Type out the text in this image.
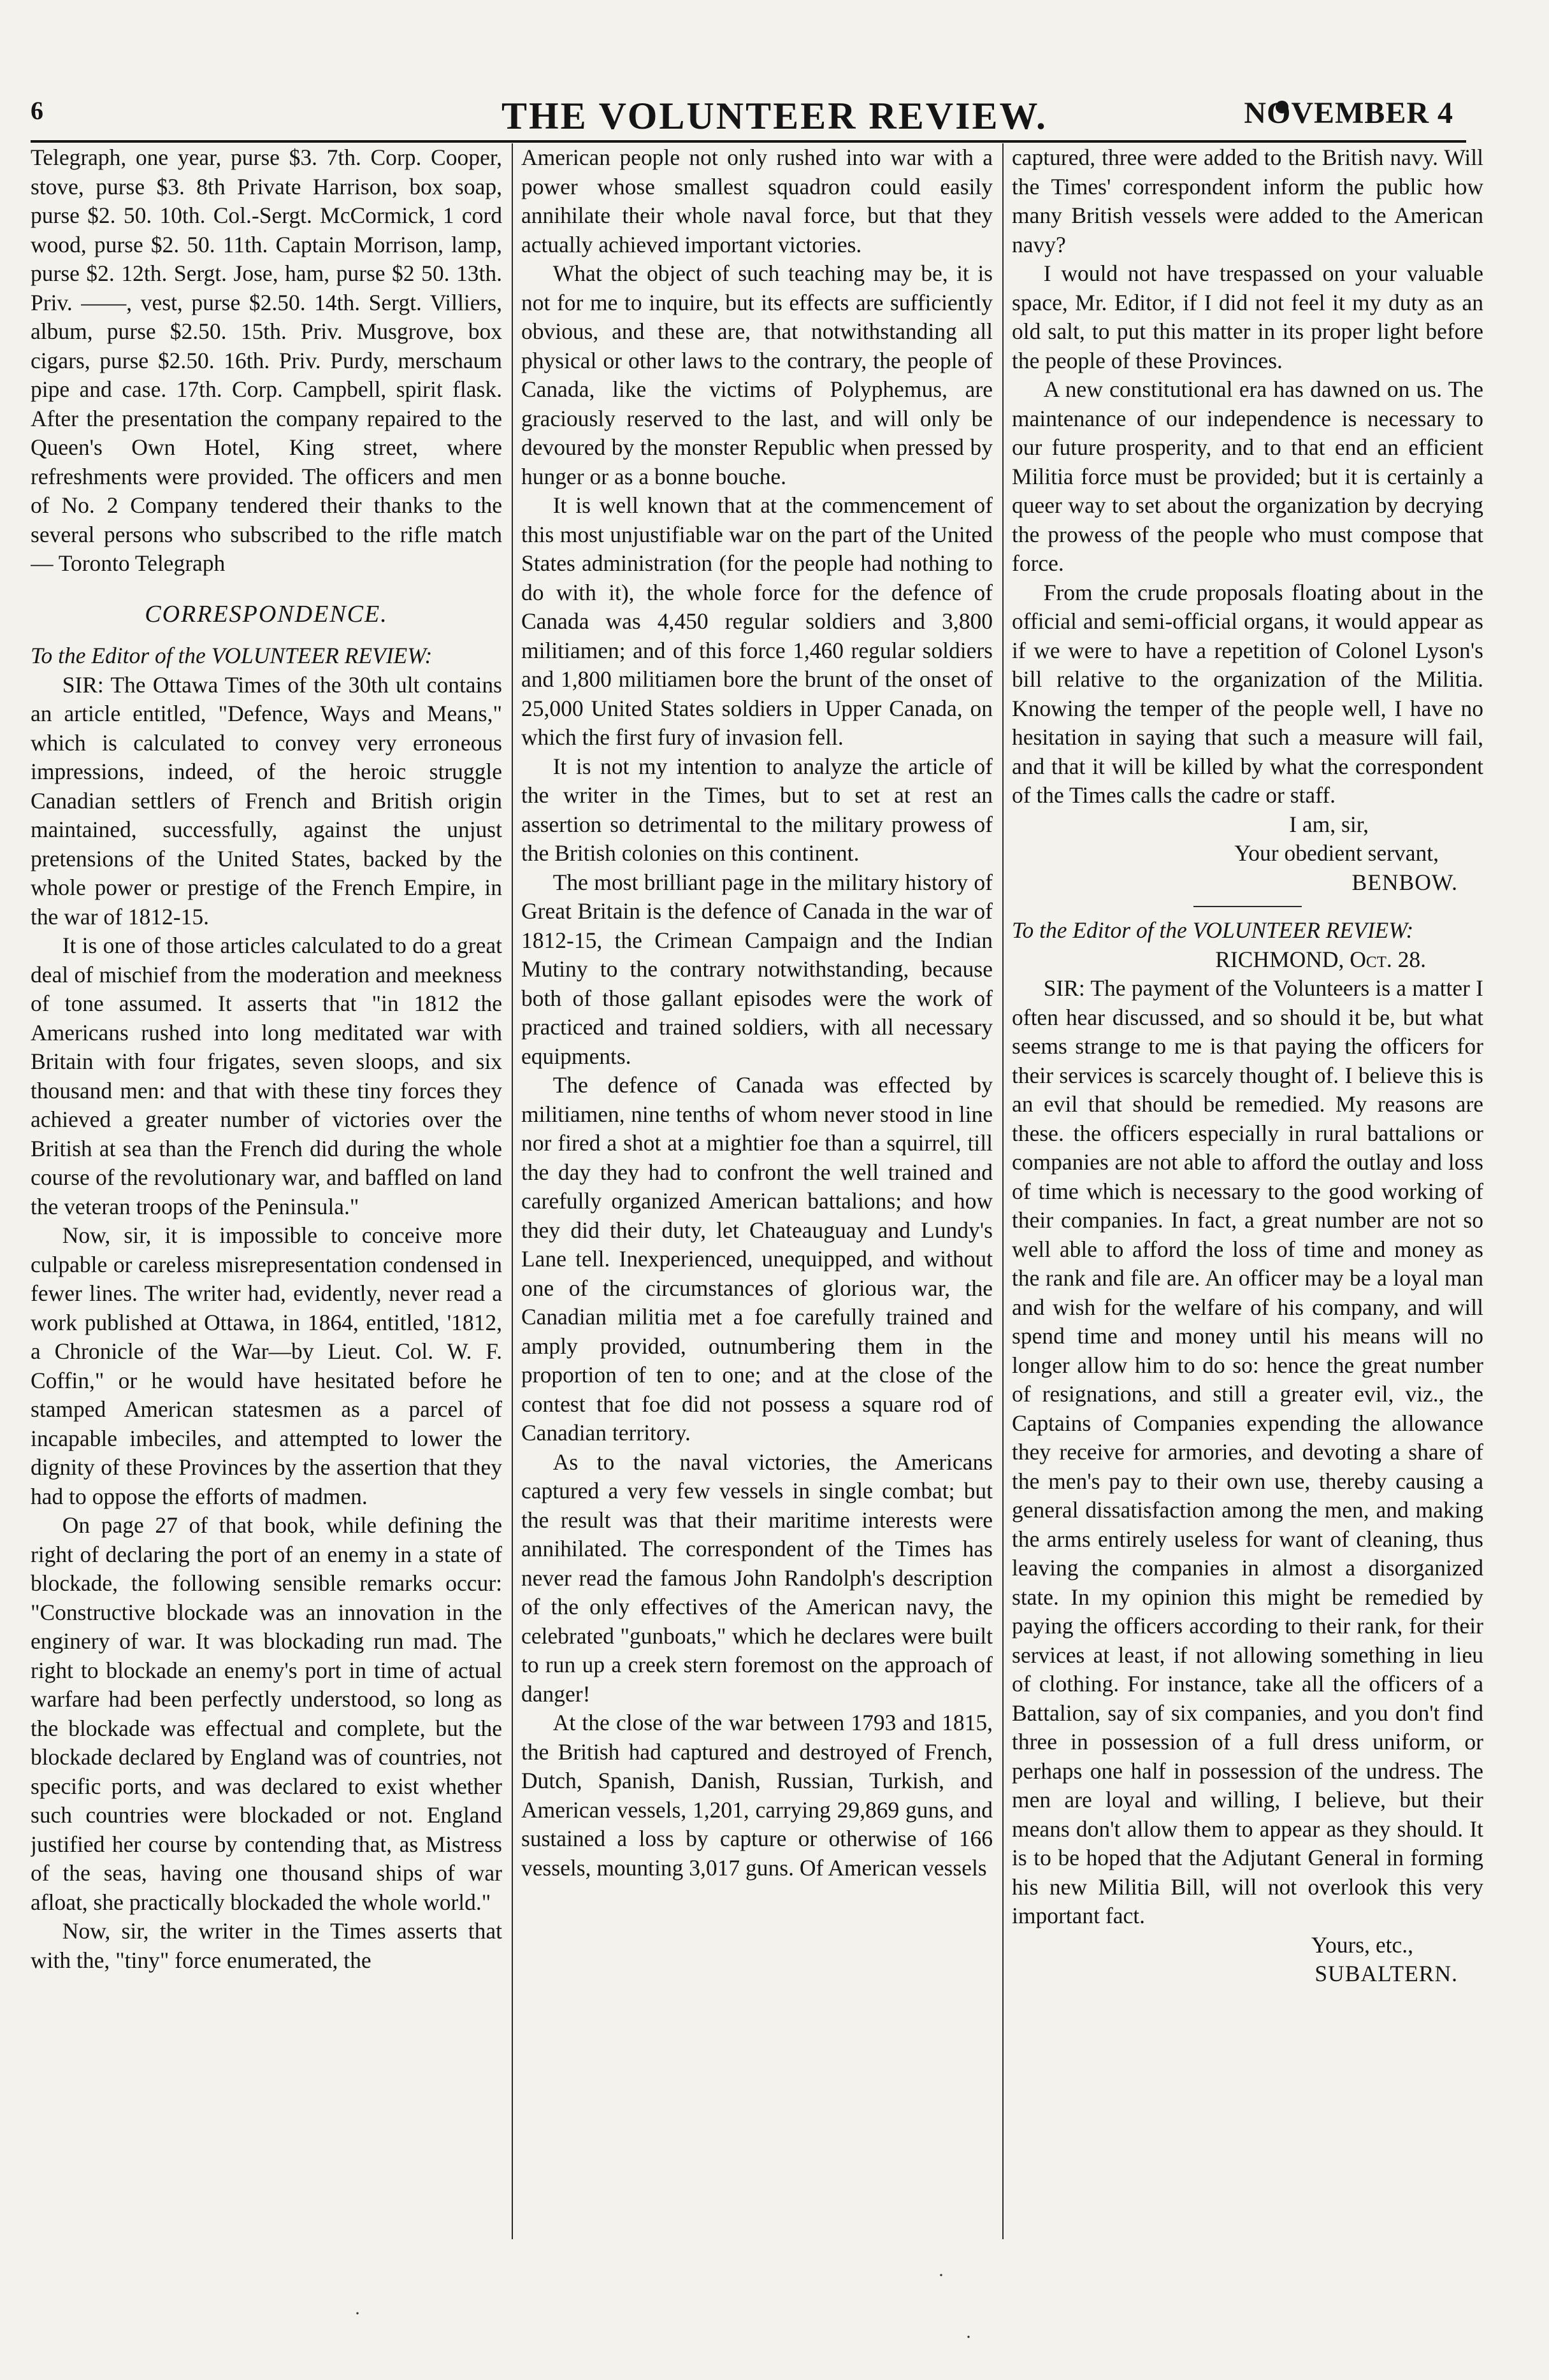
6	THE VOLUNTEER REVIEW.	NOVEMBER 4

Telegraph, one year, purse $3. 7th. Corp. Cooper, stove, purse $3. 8th Private Harrison, box soap, purse $2. 50. 10th. Col.-Sergt. McCormick, 1 cord wood, purse $2. 50. 11th. Captain Morrison, lamp, purse $2. 12th. Sergt. Jose, ham, purse $2 50. 13th. Priv. ——, vest, purse $2.50. 14th. Sergt. Villiers, album, purse $2.50. 15th. Priv. Musgrove, box cigars, purse $2.50. 16th. Priv. Purdy, merschaum pipe and case. 17th. Corp. Campbell, spirit flask. After the presentation the company repaired to the Queen's Own Hotel, King street, where refreshments were provided. The officers and men of No. 2 Company tendered their thanks to the several persons who subscribed to the rifle match — Toronto Telegraph

CORRESPONDENCE.

To the Editor of the VOLUNTEER REVIEW:

SIR: The Ottawa Times of the 30th ult contains an article entitled, "Defence, Ways and Means," which is calculated to convey very erroneous impressions, indeed, of the heroic struggle Canadian settlers of French and British origin maintained, successfully, against the unjust pretensions of the United States, backed by the whole power or prestige of the French Empire, in the war of 1812-15.

It is one of those articles calculated to do a great deal of mischief from the moderation and meekness of tone assumed. It asserts that "in 1812 the Americans rushed into long meditated war with Britain with four frigates, seven sloops, and six thousand men: and that with these tiny forces they achieved a greater number of victories over the British at sea than the French did during the whole course of the revolutionary war, and baffled on land the veteran troops of the Peninsula."

Now, sir, it is impossible to conceive more culpable or careless misrepresentation condensed in fewer lines. The writer had, evidently, never read a work published at Ottawa, in 1864, entitled, '1812, a Chronicle of the War—by Lieut. Col. W. F. Coffin," or he would have hesitated before he stamped American statesmen as a parcel of incapable imbeciles, and attempted to lower the dignity of these Provinces by the assertion that they had to oppose the efforts of madmen.

On page 27 of that book, while defining the right of declaring the port of an enemy in a state of blockade, the following sensible remarks occur: "Constructive blockade was an innovation in the enginery of war. It was blockading run mad. The right to blockade an enemy's port in time of actual warfare had been perfectly understood, so long as the blockade was effectual and complete, but the blockade declared by England was of countries, not specific ports, and was declared to exist whether such countries were blockaded or not. England justified her course by contending that, as Mistress of the seas, having one thousand ships of war afloat, she practically blockaded the whole world."

Now, sir, the writer in the Times asserts that with the, "tiny" force enumerated, the

American people not only rushed into war with a power whose smallest squadron could easily annihilate their whole naval force, but that they actually achieved important victories.

What the object of such teaching may be, it is not for me to inquire, but its effects are sufficiently obvious, and these are, that notwithstanding all physical or other laws to the contrary, the people of Canada, like the victims of Polyphemus, are graciously reserved to the last, and will only be devoured by the monster Republic when pressed by hunger or as a bonne bouche.

It is well known that at the commencement of this most unjustifiable war on the part of the United States administration (for the people had nothing to do with it), the whole force for the defence of Canada was 4,450 regular soldiers and 3,800 militiamen; and of this force 1,460 regular soldiers and 1,800 militiamen bore the brunt of the onset of 25,000 United States soldiers in Upper Canada, on which the first fury of invasion fell.

It is not my intention to analyze the article of the writer in the Times, but to set at rest an assertion so detrimental to the military prowess of the British colonies on this continent.

The most brilliant page in the military history of Great Britain is the defence of Canada in the war of 1812-15, the Crimean Campaign and the Indian Mutiny to the contrary notwithstanding, because both of those gallant episodes were the work of practiced and trained soldiers, with all necessary equipments.

The defence of Canada was effected by militiamen, nine tenths of whom never stood in line nor fired a shot at a mightier foe than a squirrel, till the day they had to confront the well trained and carefully organized American battalions; and how they did their duty, let Chateauguay and Lundy's Lane tell. Inexperienced, unequipped, and without one of the circumstances of glorious war, the Canadian militia met a foe carefully trained and amply provided, outnumbering them in the proportion of ten to one; and at the close of the contest that foe did not possess a square rod of Canadian territory.

As to the naval victories, the Americans captured a very few vessels in single combat; but the result was that their maritime interests were annihilated. The correspondent of the Times has never read the famous John Randolph's description of the only effectives of the American navy, the celebrated "gunboats," which he declares were built to run up a creek stern foremost on the approach of danger!

At the close of the war between 1793 and 1815, the British had captured and destroyed of French, Dutch, Spanish, Danish, Russian, Turkish, and American vessels, 1,201, carrying 29,869 guns, and sustained a loss by capture or otherwise of 166 vessels, mounting 3,017 guns. Of American vessels

captured, three were added to the British navy. Will the Times' correspondent inform the public how many British vessels were added to the American navy?

I would not have trespassed on your valuable space, Mr. Editor, if I did not feel it my duty as an old salt, to put this matter in its proper light before the people of these Provinces.

A new constitutional era has dawned on us. The maintenance of our independence is necessary to our future prosperity, and to that end an efficient Militia force must be provided; but it is certainly a queer way to set about the organization by decrying the prowess of the people who must compose that force.

From the crude proposals floating about in the official and semi-official organs, it would appear as if we were to have a repetition of Colonel Lyson's bill relative to the organization of the Militia. Knowing the temper of the people well, I have no hesitation in saying that such a measure will fail, and that it will be killed by what the correspondent of the Times calls the cadre or staff.

I am, sir,

Your obedient servant,

BENBOW.

To the Editor of the VOLUNTEER REVIEW:

RICHMOND, Oct. 28.

SIR: The payment of the Volunteers is a matter I often hear discussed, and so should it be, but what seems strange to me is that paying the officers for their services is scarcely thought of. I believe this is an evil that should be remedied. My reasons are these. the officers especially in rural battalions or companies are not able to afford the outlay and loss of time which is necessary to the good working of their companies. In fact, a great number are not so well able to afford the loss of time and money as the rank and file are. An officer may be a loyal man and wish for the welfare of his company, and will spend time and money until his means will no longer allow him to do so: hence the great number of resignations, and still a greater evil, viz., the Captains of Companies expending the allowance they receive for armories, and devoting a share of the men's pay to their own use, thereby causing a general dissatisfaction among the men, and making the arms entirely useless for want of cleaning, thus leaving the companies in almost a disorganized state. In my opinion this might be remedied by paying the officers according to their rank, for their services at least, if not allowing something in lieu of clothing. For instance, take all the officers of a Battalion, say of six companies, and you don't find three in possession of a full dress uniform, or perhaps one half in possession of the undress. The men are loyal and willing, I believe, but their means don't allow them to appear as they should. It is to be hoped that the Adjutant General in forming his new Militia Bill, will not overlook this very important fact.

Yours, etc.,

SUBALTERN.

·
·
·
